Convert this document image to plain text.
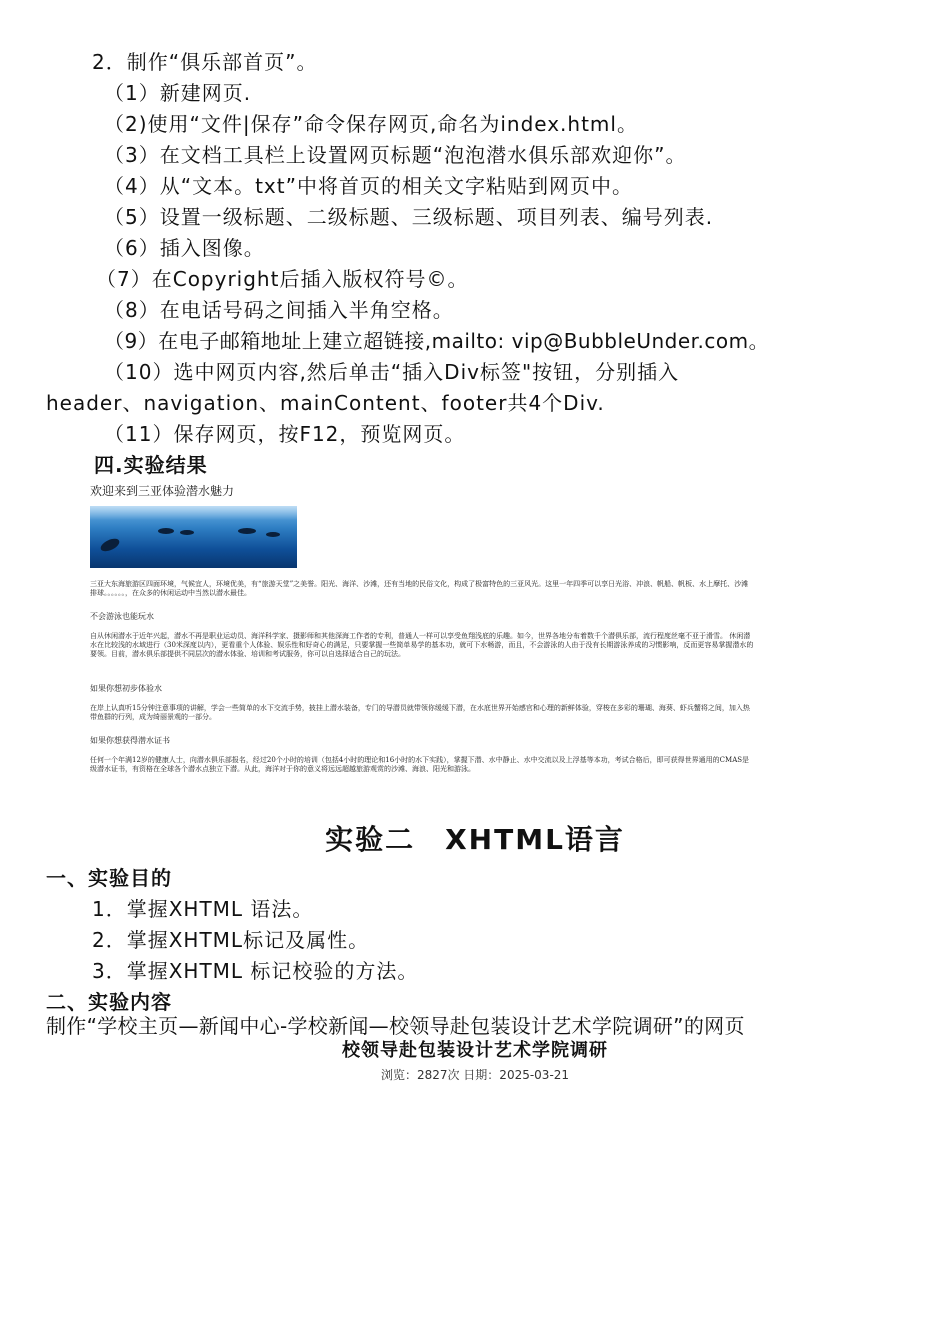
2．制作“俱乐部首页”。
（1）新建网页.
（2)使用“文件|保存”命令保存网页,命名为index.html。
（3）在文档工具栏上设置网页标题“泡泡潜水俱乐部欢迎你”。
（4）从“文本。txt”中将首页的相关文字粘贴到网页中。
（5）设置一级标题、二级标题、三级标题、项目列表、编号列表.
（6）插入图像。
（7）在Copyright后插入版权符号©。
（8）在电话号码之间插入半角空格。
（9）在电子邮箱地址上建立超链接,mailto: vip@BubbleUnder.com。
（10）选中网页内容,然后单击“插入Div标签"按钮，分别插入
header、navigation、mainContent、footer共4个Div.
（11）保存网页，按F12，预览网页。
四.实验结果
欢迎来到三亚体验潜水魅力
三亚大东海旅游区四面环境，气候宜人，环境优美，有“旅游天堂”之美誉。阳光、海洋、沙滩，还有当地的民俗文化，构成了极富特色的三亚风光。这里一年四季可以享日光浴、冲浪、帆船、帆板、水上摩托、沙滩排球。。。。。。，在众多的休闲运动中当然以潜水最佳。
不会游泳也能玩水
自从休闲潜水于近年兴起，潜水不再是职业运动员、海洋科学家、摄影师和其他深海工作者的专利，普通人一样可以享受鱼翔浅底的乐趣。如今，世界各地分布着数千个潜俱乐部，流行程度丝毫不亚于滑雪。 休闲潜水在比较浅的水域进行（30米深度以内），更看重个人体验、娱乐性和好奇心的满足，只要掌握一些简单易学的基本功，就可下水畅游，而且，不会游泳的人由于没有长期游泳养成的习惯影响，反而更容易掌握潜水的要领。目前，潜水俱乐部提供不同层次的潜水体验、培训和考试服务，你可以自选择适合自己的玩法。
如果你想初步体验水
在岸上认真听15分钟注意事项的讲解，学会一些简单的水下交流手势，披挂上潜水装备，专门的导潜员就带领你缓缓下潜，在水底世界开始感官和心理的新鲜体验，穿梭在多彩的珊瑚、海葵、虾兵蟹将之间，加入热带鱼群的行列，成为绮丽景观的一部分。
如果你想获得潜水证书
任何一个年满12岁的健康人士，向潜水俱乐部报名，经过20个小时的培训（包括4小时的理论和16小时的水下实践），掌握下潜、水中静止、水中交流以及上浮基等本功，考试合格后，即可获得世界通用的CMAS是级潜水证书，有资格在全球各个潜水点独立下潜。从此，海洋对于你的意义将远远超越旅游观赏的沙滩、海浪、阳光和游泳。
实验二　XHTML语言
一、实验目的
1．掌握XHTML 语法。
2．掌握XHTML标记及属性。
3．掌握XHTML 标记校验的方法。
二、实验内容
制作“学校主页—新闻中心-学校新闻—校领导赴包装设计艺术学院调研”的网页
校领导赴包装设计艺术学院调研
浏览：2827次 日期：2025-03-21
